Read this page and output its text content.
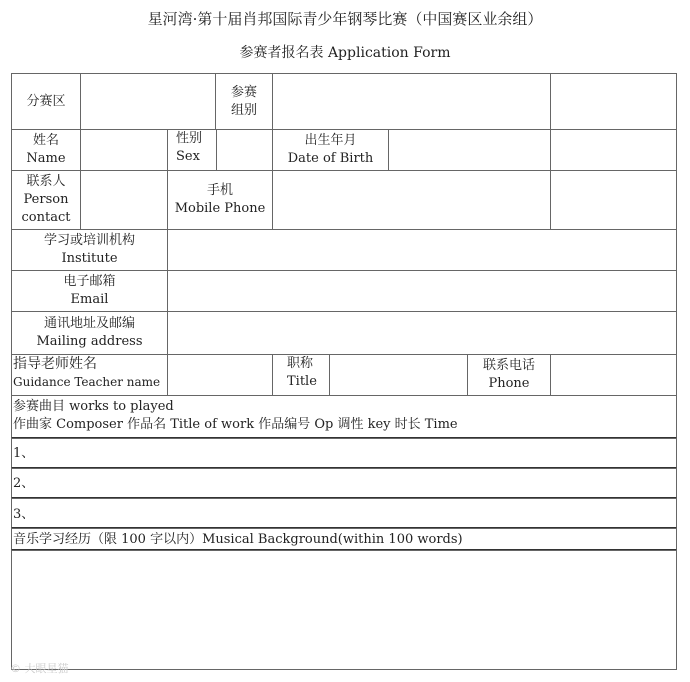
星河湾·第十届肖邦国际青少年钢琴比赛（中国赛区业余组）
参赛者报名表 Application Form
分赛区
参赛
组别
姓名
Name
性别
Sex
出生年月
Date of Birth
联系人
Person
contact
手机
Mobile Phone
学习或培训机构
Institute
电子邮箱
Email
通讯地址及邮编
Mailing address
指导老师姓名
Guidance Teacher name
职称
Title
联系电话
Phone
参赛曲目 works to played
作曲家 Composer 作品名 Title of work 作品编号 Op 调性 key 时长 Time
1、
2、
3、
音乐学习经历（限 100 字以内）Musical Background(within 100 words)
© 大眼星猫
